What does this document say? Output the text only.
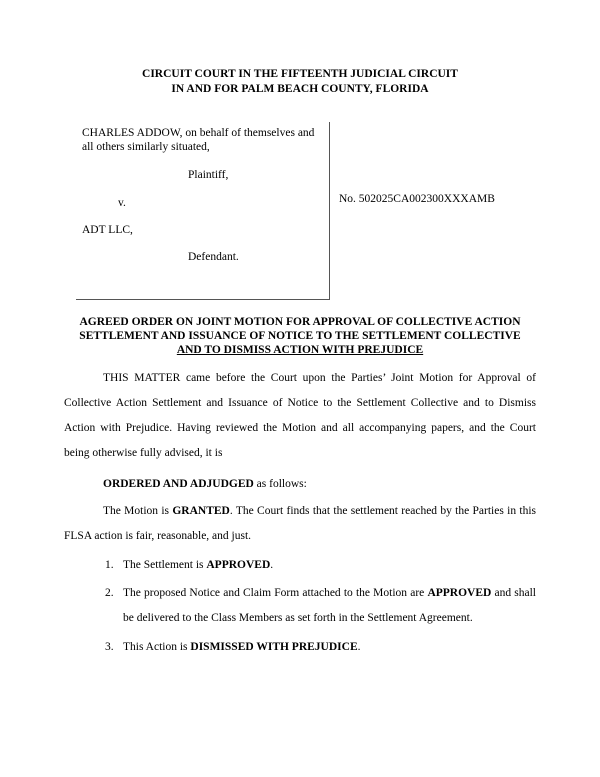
CIRCUIT COURT IN THE FIFTEENTH JUDICIAL CIRCUIT
IN AND FOR PALM BEACH COUNTY, FLORIDA
CHARLES ADDOW, on behalf of themselves and
all others similarly situated,
Plaintiff,
v.
ADT LLC,
Defendant.
No. 502025CA002300XXXAMB
AGREED ORDER ON JOINT MOTION FOR APPROVAL OF COLLECTIVE ACTION
SETTLEMENT AND ISSUANCE OF NOTICE TO THE SETTLEMENT COLLECTIVE
AND TO DISMISS ACTION WITH PREJUDICE
THIS MATTER came before the Court upon the Parties’ Joint Motion for Approval of Collective Action Settlement and Issuance of Notice to the Settlement Collective and to Dismiss Action with Prejudice. Having reviewed the Motion and all accompanying papers, and the Court being otherwise fully advised, it is
ORDERED AND ADJUDGED as follows:
The Motion is GRANTED. The Court finds that the settlement reached by the Parties in this FLSA action is fair, reasonable, and just.
1. The Settlement is APPROVED.
2. The proposed Notice and Claim Form attached to the Motion are APPROVED and shall be delivered to the Class Members as set forth in the Settlement Agreement.
3. This Action is DISMISSED WITH PREJUDICE.
